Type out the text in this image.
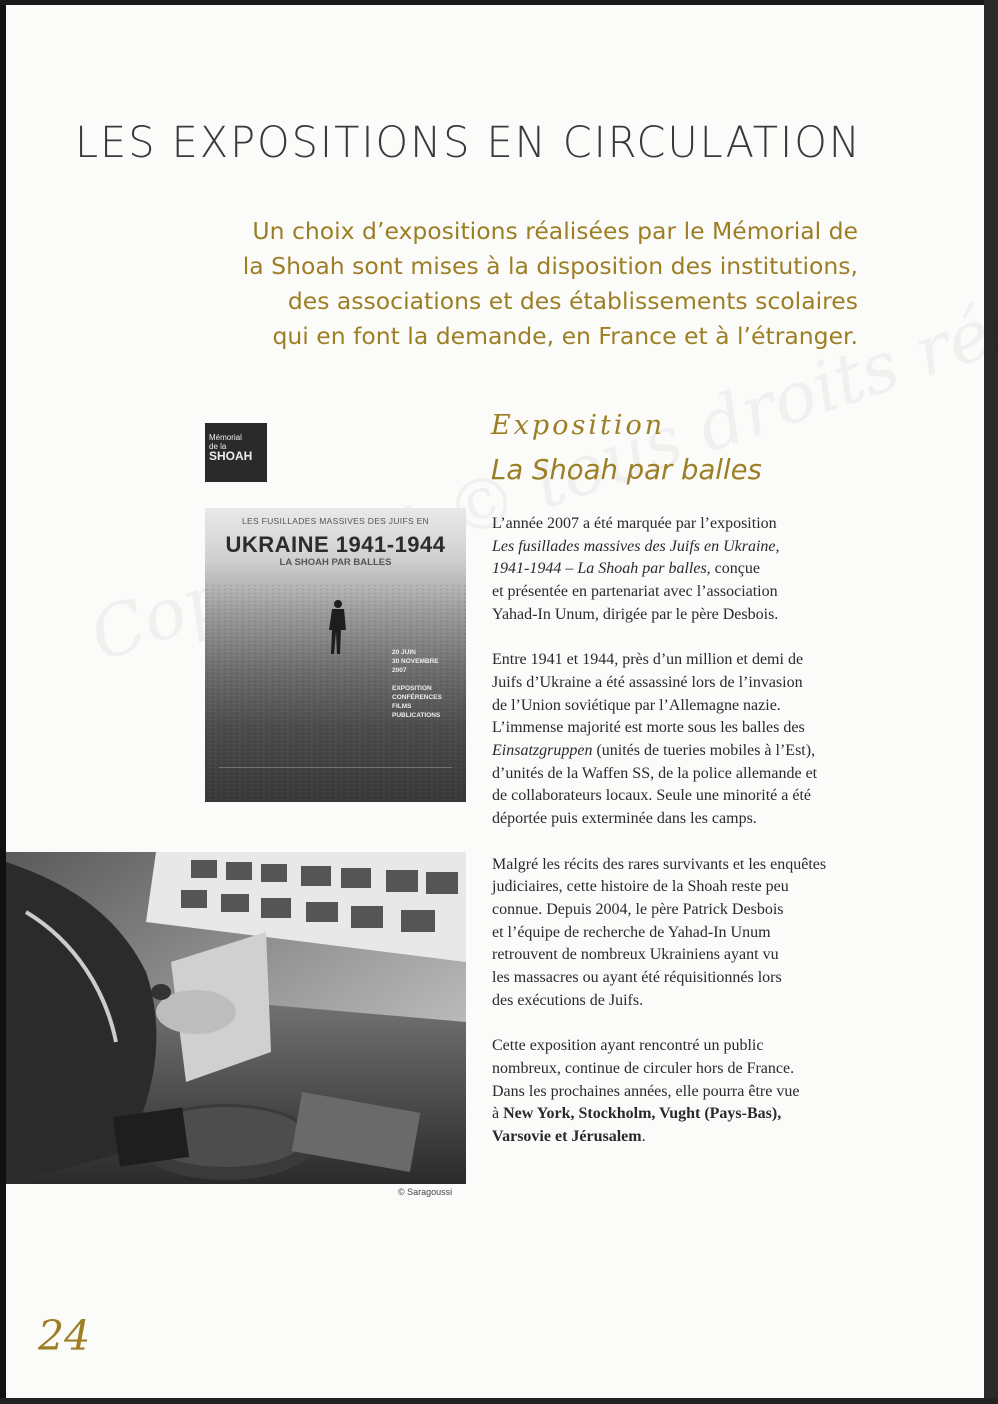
LES EXPOSITIONS EN CIRCULATION
Un choix d’expositions réalisées par le Mémorial de
la Shoah sont mises à la disposition des institutions,
des associations et des établissements scolaires
qui en font la demande, en France et à l’étranger.
Mémorial
de la
SHOAH
LES FUSILLADES MASSIVES DES JUIFS EN
UKRAINE 1941-1944
LA SHOAH PAR BALLES
20 JUIN
30 NOVEMBRE
2007
EXPOSITION
CONFÉRENCES
FILMS
PUBLICATIONS
© Saragoussi
Exposition
La Shoah par balles

L’année 2007 a été marquée par l’exposition
Les fusillades massives des Juifs en Ukraine,
1941-1944 – La Shoah par balles, conçue
et présentée en partenariat avec l’association
Yahad-In Unum, dirigée par le père Desbois.

Entre 1941 et 1944, près d’un million et demi de
Juifs d’Ukraine a été assassiné lors de l’invasion
de l’Union soviétique par l’Allemagne nazie.
L’immense majorité est morte sous les balles des
Einsatzgruppen (unités de tueries mobiles à l’Est),
d’unités de la Waffen SS, de la police allemande et
de collaborateurs locaux. Seule une minorité a été
déportée puis exterminée dans les camps.

Malgré les récits des rares survivants et les enquêtes
judiciaires, cette histoire de la Shoah reste peu
connue. Depuis 2004, le père Patrick Desbois
et l’équipe de recherche de Yahad-In Unum
retrouvent de nombreux Ukrainiens ayant vu
les massacres ou ayant été réquisitionnés lors
des exécutions de Juifs.

Cette exposition ayant rencontré un public
nombreux, continue de circuler hors de France.
Dans les prochaines années, elle pourra être vue
à New York, Stockholm, Vught (Pays-Bas),
Varsovie et Jérusalem.

24
